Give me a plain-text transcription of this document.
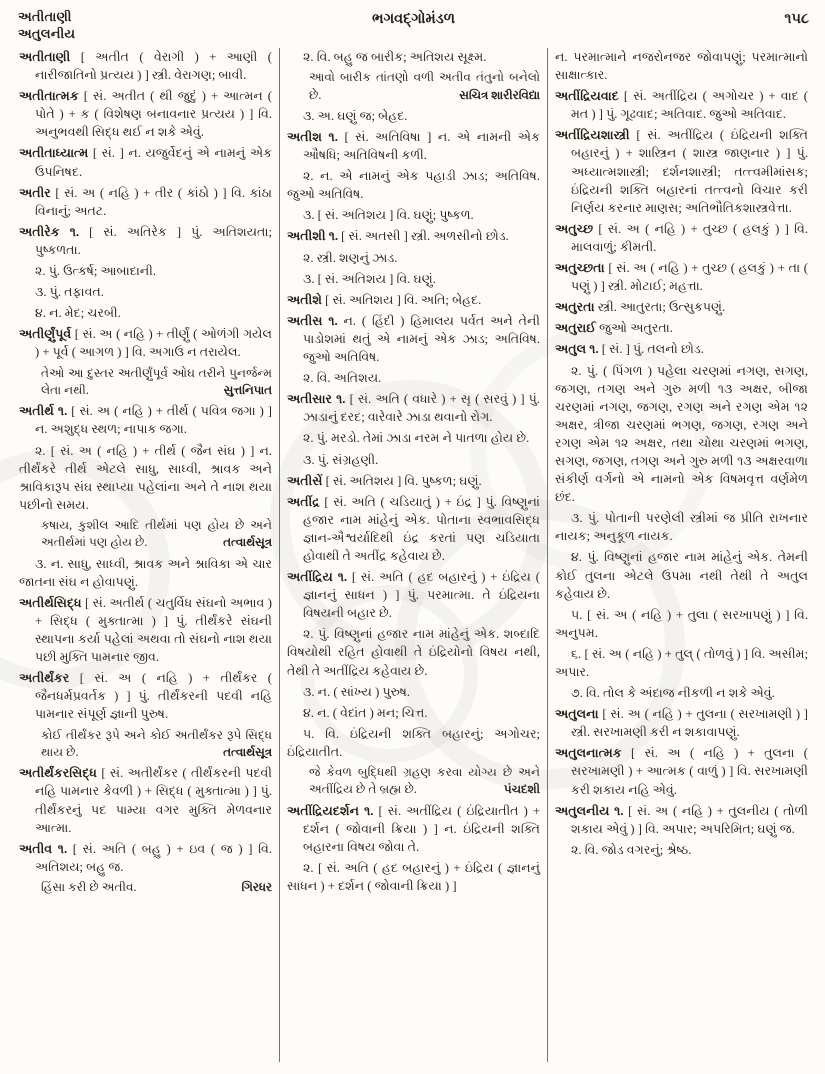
અતીતાણી
અતુલનીય
ભગવદ્ગોમંડળ	૧૫૮
અતીતાણી [ અતીત ( વેરાગી ) + આણી ( નારીજાતિનો પ્રત્યય ) ] સ્ત્રી. વેરાગણ; બાવી.
અતીતાત્મક [ સં. અતીત ( થી જુદું ) + આત્મન ( પોતે ) + ક ( વિશેષણ બનાવનાર પ્રત્યય ) ] વિ. અનુભવથી સિદ્ધ થઈ ન શકે એવું.
અતીતાધ્યાત્મ [ સં. ] ન. યજુર્વેદનું એ નામનું એક ઉપનિષદ.
અતીર [ સં. અ ( નહિ ) + તીર ( કાંઠો ) ] વિ. કાંઠા વિનાનું; અતટ.
અતીરેક ૧. [ સં. અતિરેક ] પું. અતિશયતા; પુષ્કળતા.
૨. પું. ઉત્કર્ષ; આબાદાની.
૩. પું. તફાવત.
૪. ન. મેદ; ચરબી.
અતીર્ણુંપૂર્વ [ સં. અ ( નહિ ) + તીર્ણું ( ઓળંગી ગયેલ ) + પૂર્વ ( આગળ ) ] વિ. અગાઉ ન તરાયેલ.
તેઓ આ દુસ્તર અતીર્ણુંપૂર્વ ઓઘ તરીને પુનર્જન્મ લેતા નથી.	સુત્તનિપાત
અતીર્થ ૧. [ સં. અ ( નહિ ) + તીર્થ ( પવિત્ર જગા ) ] ન. અશુદ્ધ સ્થળ; નાપાક જગા.
૨. [ સં. અ ( નહિ ) + તીર્થ ( જૈન સંઘ ) ] ન. તીર્થંકરે તીર્થ એટલે સાધુ, સાધ્વી, શ્રાવક અને શ્રાવિકારૂપ સંઘ સ્થાપ્યા પહેલાંના અને તે નાશ થયા પછીનો સમય.
કષાય, કુશીલ આદિ તીર્થમાં પણ હોય છે અને અતીર્થમાં પણ હોય છે.	તત્વાર્થસૂત્ર
૩. ન. સાધુ, સાધ્વી, શ્રાવક અને શ્રાવિકા એ ચાર જાતના સંઘ ન હોવાપણું.
અતીર્થસિદ્ધ [ સં. અતીર્થ ( ચતુર્વિધ સંઘનો અભાવ ) + સિદ્ધ ( મુક્તાત્મા ) ] પું. તીર્થંકરે સંઘની સ્થાપના કર્યા પહેલાં અથવા તો સંઘનો નાશ થયા પછી મુક્તિ પામનાર જીવ.
અતીર્થંકર [ સં. અ ( નહિ ) + તીર્થંકર ( જૈનધર્મપ્રવર્તક ) ] પું. તીર્થંકરની પદવી નહિ પામનાર સંપૂર્ણ જ્ઞાની પુરુષ.
કોઈ તીર્થંકર રૂપે અને કોઈ અતીર્થંકર રૂપે સિદ્ધ થાય છે.	તત્વાર્થસૂત્ર
અતીર્થંકરસિદ્ધ [ સં. અતીર્થંકર ( તીર્થંકરની પદવી નહિ પામનાર કેવળી ) + સિદ્ધ ( મુક્તાત્મા ) ] પું. તીર્થંકરનું પદ પામ્યા વગર મુક્તિ મેળવનાર આત્મા.
અતીવ ૧. [ સં. અતિ ( બહુ ) + ઇવ ( જ ) ] વિ. અતિશય; બહુ જ.
હિંસા કરી છે અતીવ.	ગિરધર
૨. વિ. બહુ જ બારીક; અતિશય સૂક્ષ્મ.
આવો બારીક તાંતણો વળી અતીવ તંતુનો બનેલો છે.	સચિત્ર શારીરવિદ્યા
૩. અ. ઘણું જ; બેહદ.
અતીશ ૧. [ સં. અતિવિષા ] ન. એ નામની એક ઔષધિ; અતિવિષની કળી.
૨. ન. એ નામનું એક પહાડી ઝાડ; અતિવિષ. જુઓ અતિવિષ.
૩. [ સં. અતિશય ] વિ. ઘણું; પુષ્કળ.
અતીશી ૧. [ સં. અતસી ] સ્ત્રી. અળસીનો છોડ.
૨. સ્ત્રી. શણનું ઝાડ.
૩. [ સં. અતિશય ] વિ. ઘણું.
અતીશે [ સં. અતિશય ] વિ. અતિ; બેહદ.
અતીસ ૧. ન. ( હિંદી ) હિમાલય પર્વત અને તેની પાડોશમાં થતું એ નામનું એક ઝાડ; અતિવિષ. જુઓ અતિવિષ.
૨. વિ. અતિશય.
અતીસાર ૧. [ સં. અતિ ( વધારે ) + સૃ ( સરવું ) ] પું. ઝાડાનું દરદ; વારેવારે ઝાડા થવાનો રોગ.
૨. પું. મરડો. તેમાં ઝાડા નરમ ને પાતળા હોય છે.
૩. પું. સંગ્રહણી.
અતીસેં [ સં. અતિશય ] વિ. પુષ્કળ; ઘણું.
અતીંદ્ર [ સં. અતિ ( ચડિયાતું ) + ઇંદ્ર ] પું. વિષ્ણુનાં હજાર નામ માંહેનું એક. પોતાના સ્વભાવસિદ્ધ જ્ઞાન-ઐશ્વર્યાદિથી ઇંદ્ર કરતાં પણ ચડિયાતા હોવાથી તે અતીંદ્ર કહેવાય છે.
અતીંદ્રિય ૧. [ સં. અતિ ( હદ બહારનું ) + ઇંદ્રિય ( જ્ઞાનનું સાધન ) ] પું. પરમાત્મા. તે ઇંદ્રિયના વિષયની બહાર છે.
૨. પું. વિષ્ણુનાં હજાર નામ માંહેનું એક. શબ્દાદિ વિષયોથી રહિત હોવાથી તે ઇંદ્રિયોનો વિષય નથી, તેથી તે અતીંદ્રિય કહેવાય છે.
૩. ન. ( સાંખ્ય ) પુરુષ.
૪. ન. ( વેદાંત ) મન; ચિત્ત.
૫. વિ. ઇંદ્રિયની શક્તિ બહારનું; અગોચર; ઇંદ્રિયાતીત.
જે કેવળ બુદ્ધિથી ગ્રહણ કરવા યોગ્ય છે અને અતીંદ્રિય છે તે બ્રહ્મ છે.	પંચદશી
અતીંદ્રિયદર્શન ૧. [ સં. અતીંદ્રિય ( ઇંદ્રિયાતીત ) + દર્શન ( જોવાની ક્રિયા ) ] ન. ઇંદ્રિયની શક્તિ બહારના વિષય જોવા તે.
૨. [ સં. અતિ ( હદ બહારનું ) + ઇંદ્રિય ( જ્ઞાનનું સાધન ) + દર્શન ( જોવાની ક્રિયા ) ]
ન. પરમાત્માને નજરોનજર જોવાપણું; પરમાત્માનો સાક્ષાત્કાર.
અતીંદ્રિયવાદ [ સં. અતીંદ્રિય ( અગોચર ) + વાદ ( મત ) ] પું. ગૂઢવાદ; અતિવાદ. જુઓ અતિવાદ.
અતીંદ્રિયશાસ્ત્રી [ સં. અતીંદ્રિય ( ઇંદ્રિયની શક્તિ બહારનું ) + શાસ્ત્રિન ( શાસ્ત્ર જાણનાર ) ] પું. અધ્યાત્મશાસ્ત્રી; દર્શનશાસ્ત્રી; તત્ત્વમીમાંસક; ઇંદ્રિયની શક્તિ બહારનાં તત્ત્વનો વિચાર કરી નિર્ણય કરનાર માણસ; અતિભૌતિકશાસ્ત્રવેત્તા.
અતુચ્છ [ સં. અ ( નહિ ) + તુચ્છ ( હલકું ) ] વિ. માલવાળું; કીમતી.
અતુચ્છતા [ સં. અ ( નહિ ) + તુચ્છ ( હલકું ) + તા ( પણું ) ] સ્ત્રી. મોટાઈ; મહત્તા.
અતુરતા સ્ત્રી. આતુરતા; ઉત્સુકપણું.
અતુરાઈ જુઓ અતુરતા.
અતુલ ૧. [ સં. ] પું. તલનો છોડ.
૨. પું. ( પિંગળ ) પહેલા ચરણમાં નગણ, સગણ, જગણ, તગણ અને ગુરુ મળી ૧૩ અક્ષર, બીજા ચરણમાં નગણ, જગણ, રગણ અને રગણ એમ ૧૨ અક્ષર, ત્રીજા ચરણમાં ભગણ, જગણ, રગણ અને રગણ એમ ૧૨ અક્ષર, તથા ચોથા ચરણમાં ભગણ, સગણ, જગણ, તગણ અને ગુરુ મળી ૧૩ અક્ષરવાળા સંકીર્ણ વર્ગનો એ નામનો એક વિષમવૃત્ત વર્ણમેળ છંદ.
૩. પું. પોતાની પરણેલી સ્ત્રીમાં જ પ્રીતિ રાખનાર નાયક; અનુકૂળ નાયક.
૪. પું. વિષ્ણુનાં હજાર નામ માંહેનું એક. તેમની કોઈ તુલના એટલે ઉપમા નથી તેથી તે અતુલ કહેવાય છે.
૫. [ સં. અ ( નહિ ) + તુલા ( સરખાપણું ) ] વિ. અનુપમ.
૬. [ સં. અ ( નહિ ) + તુલ્ ( તોળવું ) ] વિ. અસીમ; અપાર.
૭. વિ. તોલ કે અંદાજ નીકળી ન શકે એવું.
અતુલના [ સં. અ ( નહિ ) + તુલના ( સરખામણી ) ] સ્ત્રી. સરખામણી કરી ન શકાવાપણું.
અતુલનાત્મક [ સં. અ ( નહિ ) + તુલના ( સરખામણી ) + આત્મક ( વાળું ) ] વિ. સરખામણી કરી શકાય નહિ એવું.
અતુલનીય ૧. [ સં. અ ( નહિ ) + તુલનીય ( તોળી શકાય એવું ) ] વિ. અપાર; અપરિમિત; ઘણું જ.
૨. વિ. જોડ વગરનું; શ્રેષ્ઠ.
